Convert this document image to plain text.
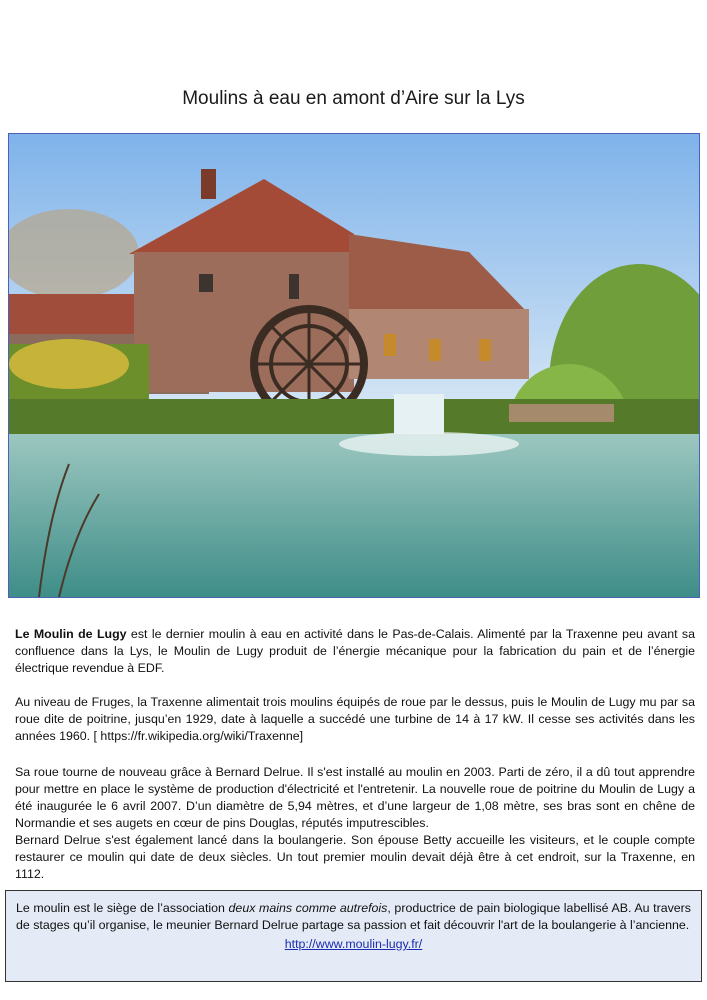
Moulins à eau en amont d’Aire sur la Lys

Le Moulin de Lugy est le dernier moulin à eau en activité dans le Pas-de-Calais. Alimenté par la Traxenne peu avant sa confluence dans la Lys, le Moulin de Lugy produit de l’énergie mécanique pour la fabrication du pain et de l’énergie électrique revendue à EDF.

Au niveau de Fruges, la Traxenne alimentait trois moulins équipés de roue par le dessus, puis le Moulin de Lugy mu par sa roue dite de poitrine, jusqu’en 1929, date à laquelle a succédé une turbine de 14 à 17 kW. Il cesse ses activités dans les années 1960. [ https://fr.wikipedia.org/wiki/Traxenne]

Sa roue tourne de nouveau grâce à Bernard Delrue. Il s'est installé au moulin en 2003. Parti de zéro, il a dû tout apprendre pour mettre en place le système de production d'électricité et l'entretenir. La nouvelle roue de poitrine du Moulin de Lugy a été inaugurée le 6 avril 2007. D’un diamètre de 5,94 mètres, et d’une largeur de 1,08 mètre, ses bras sont en chêne de Normandie et ses augets en cœur de pins Douglas, réputés imputrescibles.

Bernard Delrue s'est également lancé dans la boulangerie. Son épouse Betty accueille les visiteurs, et le couple compte restaurer ce moulin qui date de deux siècles. Un tout premier moulin devait déjà être à cet endroit, sur la Traxenne, en 1112.

Le moulin est le siège de l’association deux mains comme autrefois, productrice de pain biologique labellisé AB. Au travers de stages qu’il organise, le meunier Bernard Delrue partage sa passion et fait découvrir l'art de la boulangerie à l’ancienne.

http://www.moulin-lugy.fr/
